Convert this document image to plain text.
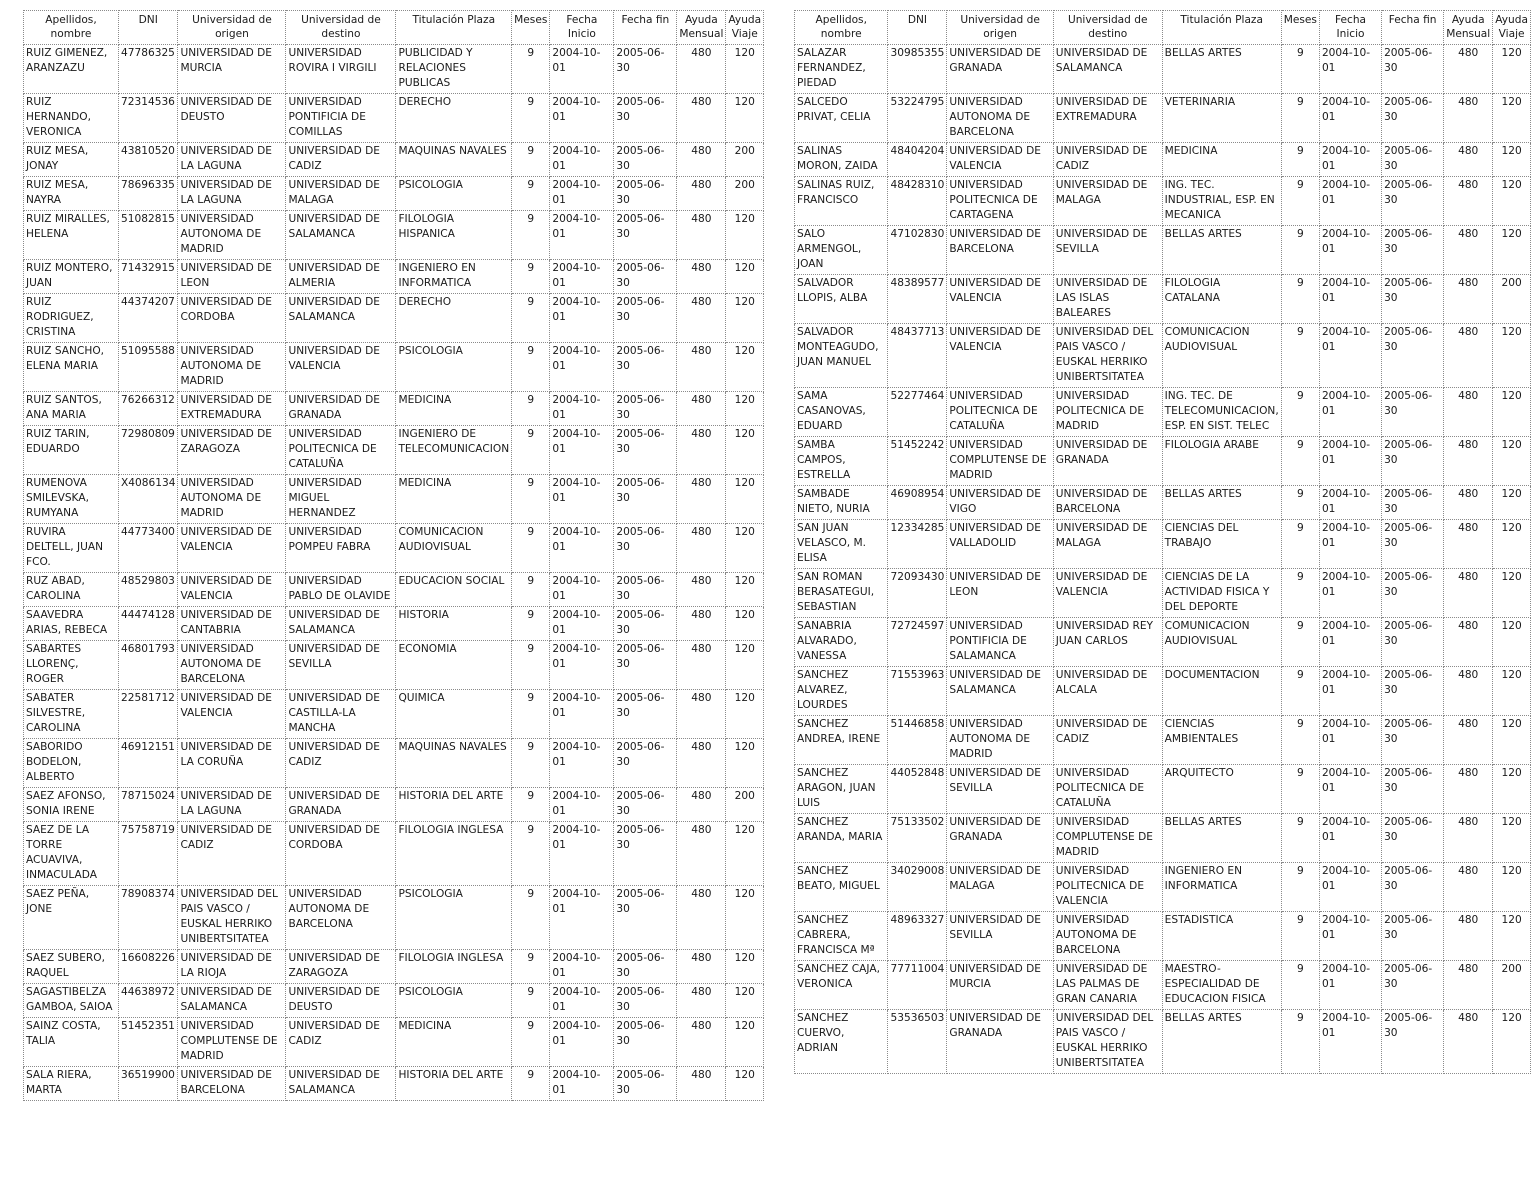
Apellidos, nombre	DNI	Universidad de origen	Universidad de destino	Titulación Plaza	Meses	Fecha Inicio	Fecha fin	Ayuda Mensual	Ayuda Viaje
RUIZ GIMENEZ, ARANZAZU	47786325	UNIVERSIDAD DE MURCIA	UNIVERSIDAD ROVIRA I VIRGILI	PUBLICIDAD Y RELACIONES PUBLICAS	9	2004-10-01	2005-06-30	480	120
RUIZ HERNANDO, VERONICA	72314536	UNIVERSIDAD DE DEUSTO	UNIVERSIDAD PONTIFICIA DE COMILLAS	DERECHO	9	2004-10-01	2005-06-30	480	120
RUIZ MESA, JONAY	43810520	UNIVERSIDAD DE LA LAGUNA	UNIVERSIDAD DE CADIZ	MAQUINAS NAVALES	9	2004-10-01	2005-06-30	480	200
RUIZ MESA, NAYRA	78696335	UNIVERSIDAD DE LA LAGUNA	UNIVERSIDAD DE MALAGA	PSICOLOGIA	9	2004-10-01	2005-06-30	480	200
RUIZ MIRALLES, HELENA	51082815	UNIVERSIDAD AUTONOMA DE MADRID	UNIVERSIDAD DE SALAMANCA	FILOLOGIA HISPANICA	9	2004-10-01	2005-06-30	480	120
RUIZ MONTERO, JUAN	71432915	UNIVERSIDAD DE LEON	UNIVERSIDAD DE ALMERIA	INGENIERO EN INFORMATICA	9	2004-10-01	2005-06-30	480	120
RUIZ RODRIGUEZ, CRISTINA	44374207	UNIVERSIDAD DE CORDOBA	UNIVERSIDAD DE SALAMANCA	DERECHO	9	2004-10-01	2005-06-30	480	120
RUIZ SANCHO, ELENA MARIA	51095588	UNIVERSIDAD AUTONOMA DE MADRID	UNIVERSIDAD DE VALENCIA	PSICOLOGIA	9	2004-10-01	2005-06-30	480	120
RUIZ SANTOS, ANA MARIA	76266312	UNIVERSIDAD DE EXTREMADURA	UNIVERSIDAD DE GRANADA	MEDICINA	9	2004-10-01	2005-06-30	480	120
RUIZ TARIN, EDUARDO	72980809	UNIVERSIDAD DE ZARAGOZA	UNIVERSIDAD POLITECNICA DE CATALUÑA	INGENIERO DE TELECOMUNICACION	9	2004-10-01	2005-06-30	480	120
RUMENOVA SMILEVSKA, RUMYANA	X4086134	UNIVERSIDAD AUTONOMA DE MADRID	UNIVERSIDAD MIGUEL HERNANDEZ	MEDICINA	9	2004-10-01	2005-06-30	480	120
RUVIRA DELTELL, JUAN FCO.	44773400	UNIVERSIDAD DE VALENCIA	UNIVERSIDAD POMPEU FABRA	COMUNICACION AUDIOVISUAL	9	2004-10-01	2005-06-30	480	120
RUZ ABAD, CAROLINA	48529803	UNIVERSIDAD DE VALENCIA	UNIVERSIDAD PABLO DE OLAVIDE	EDUCACION SOCIAL	9	2004-10-01	2005-06-30	480	120
SAAVEDRA ARIAS, REBECA	44474128	UNIVERSIDAD DE CANTABRIA	UNIVERSIDAD DE SALAMANCA	HISTORIA	9	2004-10-01	2005-06-30	480	120
SABARTES LLORENÇ, ROGER	46801793	UNIVERSIDAD AUTONOMA DE BARCELONA	UNIVERSIDAD DE SEVILLA	ECONOMIA	9	2004-10-01	2005-06-30	480	120
SABATER SILVESTRE, CAROLINA	22581712	UNIVERSIDAD DE VALENCIA	UNIVERSIDAD DE CASTILLA-LA MANCHA	QUIMICA	9	2004-10-01	2005-06-30	480	120
SABORIDO BODELON, ALBERTO	46912151	UNIVERSIDAD DE LA CORUÑA	UNIVERSIDAD DE CADIZ	MAQUINAS NAVALES	9	2004-10-01	2005-06-30	480	120
SAEZ AFONSO, SONIA IRENE	78715024	UNIVERSIDAD DE LA LAGUNA	UNIVERSIDAD DE GRANADA	HISTORIA DEL ARTE	9	2004-10-01	2005-06-30	480	200
SAEZ DE LA TORRE ACUAVIVA, INMACULADA	75758719	UNIVERSIDAD DE CADIZ	UNIVERSIDAD DE CORDOBA	FILOLOGIA INGLESA	9	2004-10-01	2005-06-30	480	120
SAEZ PEÑA, JONE	78908374	UNIVERSIDAD DEL PAIS VASCO / EUSKAL HERRIKO UNIBERTSITATEA	UNIVERSIDAD AUTONOMA DE BARCELONA	PSICOLOGIA	9	2004-10-01	2005-06-30	480	120
SAEZ SUBERO, RAQUEL	16608226	UNIVERSIDAD DE LA RIOJA	UNIVERSIDAD DE ZARAGOZA	FILOLOGIA INGLESA	9	2004-10-01	2005-06-30	480	120
SAGASTIBELZA GAMBOA, SAIOA	44638972	UNIVERSIDAD DE SALAMANCA	UNIVERSIDAD DE DEUSTO	PSICOLOGIA	9	2004-10-01	2005-06-30	480	120
SAINZ COSTA, TALIA	51452351	UNIVERSIDAD COMPLUTENSE DE MADRID	UNIVERSIDAD DE CADIZ	MEDICINA	9	2004-10-01	2005-06-30	480	120
SALA RIERA, MARTA	36519900	UNIVERSIDAD DE BARCELONA	UNIVERSIDAD DE SALAMANCA	HISTORIA DEL ARTE	9	2004-10-01	2005-06-30	480	120
Apellidos, nombre	DNI	Universidad de origen	Universidad de destino	Titulación Plaza	Meses	Fecha Inicio	Fecha fin	Ayuda Mensual	Ayuda Viaje
SALAZAR FERNANDEZ, PIEDAD	30985355	UNIVERSIDAD DE GRANADA	UNIVERSIDAD DE SALAMANCA	BELLAS ARTES	9	2004-10-01	2005-06-30	480	120
SALCEDO PRIVAT, CELIA	53224795	UNIVERSIDAD AUTONOMA DE BARCELONA	UNIVERSIDAD DE EXTREMADURA	VETERINARIA	9	2004-10-01	2005-06-30	480	120
SALINAS MORON, ZAIDA	48404204	UNIVERSIDAD DE VALENCIA	UNIVERSIDAD DE CADIZ	MEDICINA	9	2004-10-01	2005-06-30	480	120
SALINAS RUIZ, FRANCISCO	48428310	UNIVERSIDAD POLITECNICA DE CARTAGENA	UNIVERSIDAD DE MALAGA	ING. TEC. INDUSTRIAL, ESP. EN MECANICA	9	2004-10-01	2005-06-30	480	120
SALO ARMENGOL, JOAN	47102830	UNIVERSIDAD DE BARCELONA	UNIVERSIDAD DE SEVILLA	BELLAS ARTES	9	2004-10-01	2005-06-30	480	120
SALVADOR LLOPIS, ALBA	48389577	UNIVERSIDAD DE VALENCIA	UNIVERSIDAD DE LAS ISLAS BALEARES	FILOLOGIA CATALANA	9	2004-10-01	2005-06-30	480	200
SALVADOR MONTEAGUDO, JUAN MANUEL	48437713	UNIVERSIDAD DE VALENCIA	UNIVERSIDAD DEL PAIS VASCO / EUSKAL HERRIKO UNIBERTSITATEA	COMUNICACION AUDIOVISUAL	9	2004-10-01	2005-06-30	480	120
SAMA CASANOVAS, EDUARD	52277464	UNIVERSIDAD POLITECNICA DE CATALUÑA	UNIVERSIDAD POLITECNICA DE MADRID	ING. TEC. DE TELECOMUNICACION, ESP. EN SIST. TELEC	9	2004-10-01	2005-06-30	480	120
SAMBA CAMPOS, ESTRELLA	51452242	UNIVERSIDAD COMPLUTENSE DE MADRID	UNIVERSIDAD DE GRANADA	FILOLOGIA ARABE	9	2004-10-01	2005-06-30	480	120
SAMBADE NIETO, NURIA	46908954	UNIVERSIDAD DE VIGO	UNIVERSIDAD DE BARCELONA	BELLAS ARTES	9	2004-10-01	2005-06-30	480	120
SAN JUAN VELASCO, M. ELISA	12334285	UNIVERSIDAD DE VALLADOLID	UNIVERSIDAD DE MALAGA	CIENCIAS DEL TRABAJO	9	2004-10-01	2005-06-30	480	120
SAN ROMAN BERASATEGUI, SEBASTIAN	72093430	UNIVERSIDAD DE LEON	UNIVERSIDAD DE VALENCIA	CIENCIAS DE LA ACTIVIDAD FISICA Y DEL DEPORTE	9	2004-10-01	2005-06-30	480	120
SANABRIA ALVARADO, VANESSA	72724597	UNIVERSIDAD PONTIFICIA DE SALAMANCA	UNIVERSIDAD REY JUAN CARLOS	COMUNICACION AUDIOVISUAL	9	2004-10-01	2005-06-30	480	120
SANCHEZ ALVAREZ, LOURDES	71553963	UNIVERSIDAD DE SALAMANCA	UNIVERSIDAD DE ALCALA	DOCUMENTACION	9	2004-10-01	2005-06-30	480	120
SANCHEZ ANDREA, IRENE	51446858	UNIVERSIDAD AUTONOMA DE MADRID	UNIVERSIDAD DE CADIZ	CIENCIAS AMBIENTALES	9	2004-10-01	2005-06-30	480	120
SANCHEZ ARAGON, JUAN LUIS	44052848	UNIVERSIDAD DE SEVILLA	UNIVERSIDAD POLITECNICA DE CATALUÑA	ARQUITECTO	9	2004-10-01	2005-06-30	480	120
SANCHEZ ARANDA, MARIA	75133502	UNIVERSIDAD DE GRANADA	UNIVERSIDAD COMPLUTENSE DE MADRID	BELLAS ARTES	9	2004-10-01	2005-06-30	480	120
SANCHEZ BEATO, MIGUEL	34029008	UNIVERSIDAD DE MALAGA	UNIVERSIDAD POLITECNICA DE VALENCIA	INGENIERO EN INFORMATICA	9	2004-10-01	2005-06-30	480	120
SANCHEZ CABRERA, FRANCISCA Mª	48963327	UNIVERSIDAD DE SEVILLA	UNIVERSIDAD AUTONOMA DE BARCELONA	ESTADISTICA	9	2004-10-01	2005-06-30	480	120
SANCHEZ CAJA, VERONICA	77711004	UNIVERSIDAD DE MURCIA	UNIVERSIDAD DE LAS PALMAS DE GRAN CANARIA	MAESTRO-ESPECIALIDAD DE EDUCACION FISICA	9	2004-10-01	2005-06-30	480	200
SANCHEZ CUERVO, ADRIAN	53536503	UNIVERSIDAD DE GRANADA	UNIVERSIDAD DEL PAIS VASCO / EUSKAL HERRIKO UNIBERTSITATEA	BELLAS ARTES	9	2004-10-01	2005-06-30	480	120
